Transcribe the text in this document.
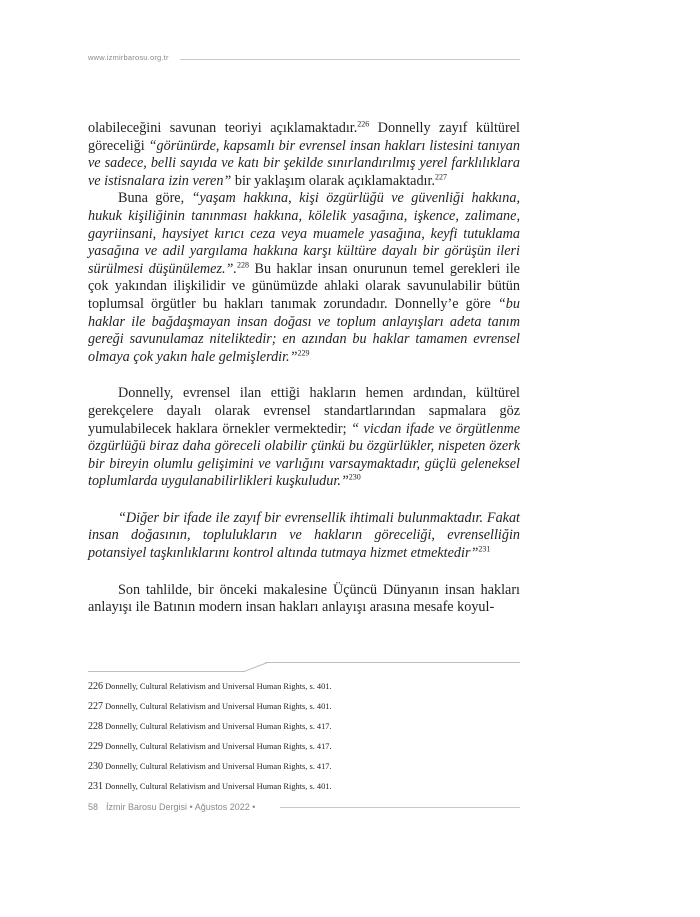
www.izmirbarosu.org.tr

olabileceğini savunan teoriyi açıklamaktadır.$^{226}$ Donnelly zayıf kültürel göreceliği “görünürde, kapsamlı bir evrensel insan hakları listesini tanıyan ve sadece, belli sayıda ve katı bir şekilde sınırlandırılmış yerel farklılıklara ve istisnalara izin veren” bir yaklaşım olarak açıklamaktadır.$^{227}$

Buna göre, “yaşam hakkına, kişi özgürlüğü ve güvenliği hakkına, hukuk kişiliğinin tanınması hakkına, kölelik yasağına, işkence, zalimane, gayriinsani, haysiyet kırıcı ceza veya muamele yasağına, keyfi tutuklama yasağına ve adil yargılama hakkına karşı kültüre dayalı bir görüşün ileri sürülmesi düşünülemez.”.$^{228}$ Bu haklar insan onurunun temel gerekleri ile çok yakından ilişkilidir ve günümüzde ahlaki olarak savunulabilir bütün toplumsal örgütler bu hakları tanımak zorundadır. Donnelly’e göre “bu haklar ile bağdaşmayan insan doğası ve toplum anlayışları adeta tanım gereği savunulamaz niteliktedir; en azından bu haklar tamamen evrensel olmaya çok yakın hale gelmişlerdir.”$^{229}$

Donnelly, evrensel ilan ettiği hakların hemen ardından, kültürel gerekçelere dayalı olarak evrensel standartlarından sapmalara göz yumulabilecek haklara örnekler vermektedir; “ vicdan ifade ve örgütlenme özgürlüğü biraz daha göreceli olabilir çünkü bu özgürlükler, nispeten özerk bir bireyin olumlu gelişimini ve varlığını varsaymaktadır, güçlü geleneksel toplumlarda uygulanabilirlikleri kuşkuludur.”$^{230}$

“Diğer bir ifade ile zayıf bir evrensellik ihtimali bulunmaktadır. Fakat insan doğasının, toplulukların ve hakların göreceliği, evrenselliğin potansiyel taşkınlıklarını kontrol altında tutmaya hizmet etmektedir”$^{231}$

Son tahlilde, bir önceki makalesine Üçüncü Dünyanın insan hakları anlayışı ile Batının modern insan hakları anlayışı arasına mesafe koyul-

226 Donnelly, Cultural Relativism and Universal Human Rights, s. 401.
227 Donnelly, Cultural Relativism and Universal Human Rights, s. 401.
228 Donnelly, Cultural Relativism and Universal Human Rights, s. 417.
229 Donnelly, Cultural Relativism and Universal Human Rights, s. 417.
230 Donnelly, Cultural Relativism and Universal Human Rights, s. 417.
231 Donnelly, Cultural Relativism and Universal Human Rights, s. 401.
58 İzmir Barosu Dergisi • Ağustos 2022 •
